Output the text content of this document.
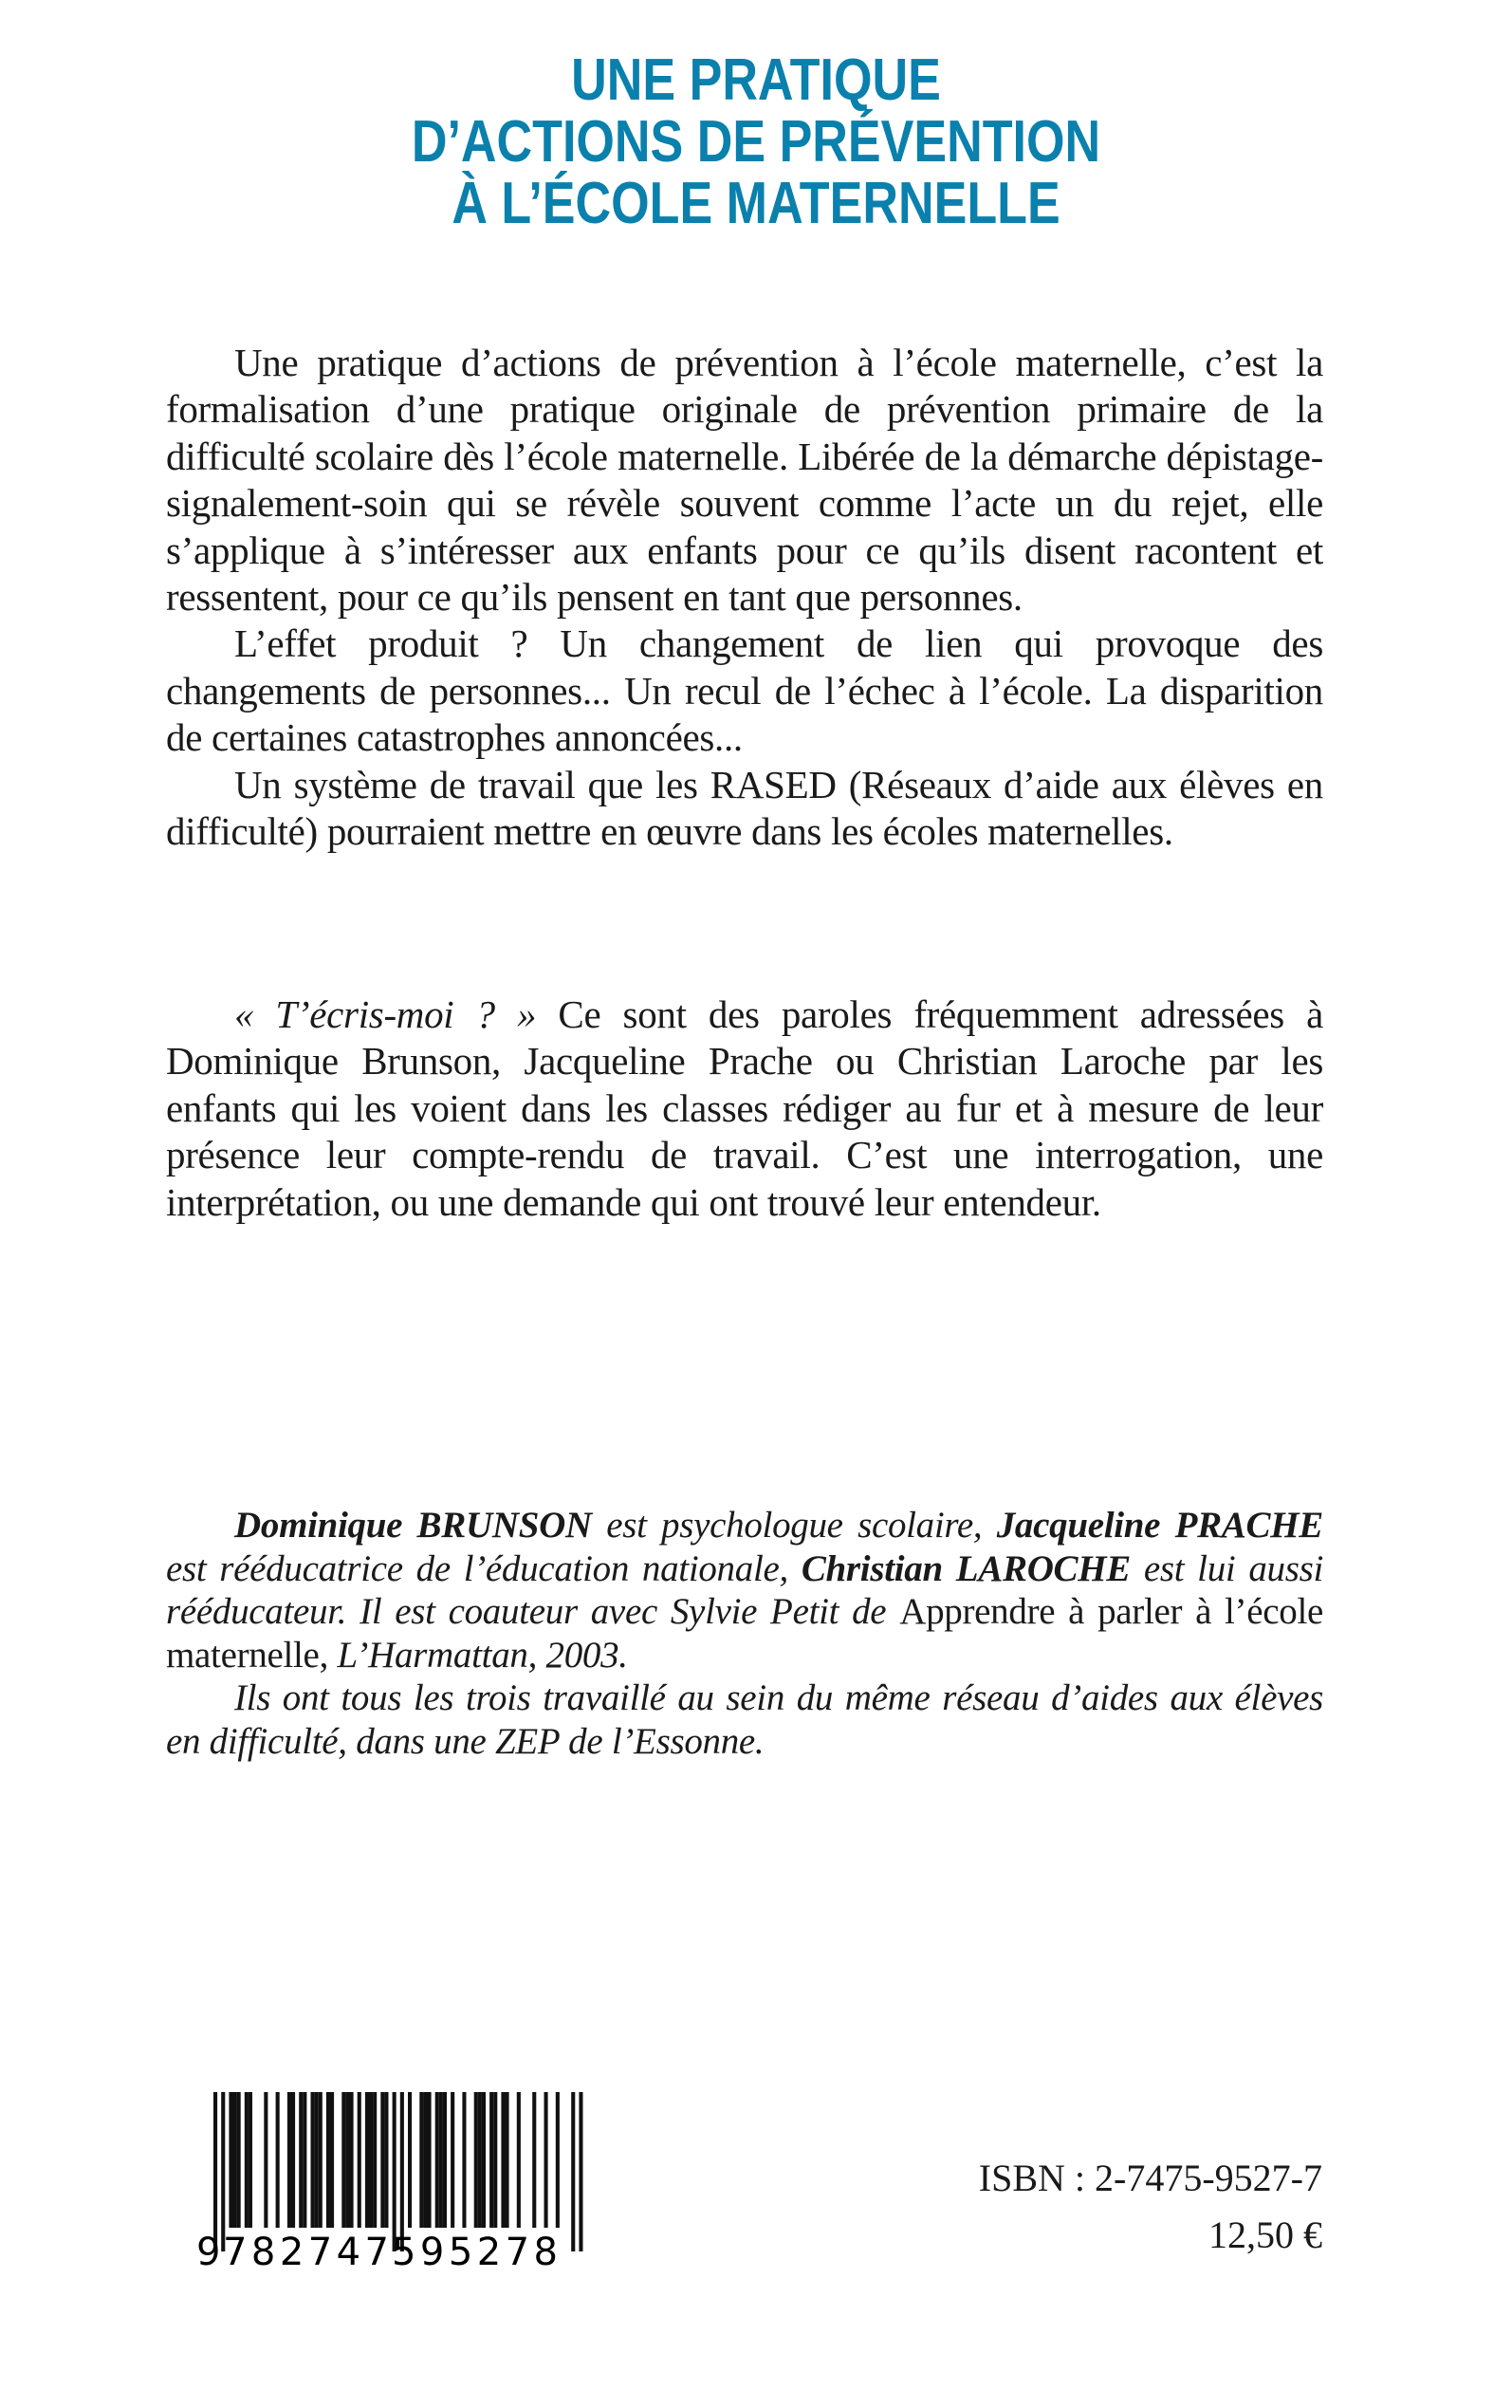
UNE PRATIQUE
D’ACTIONS DE PRÉVENTION
À L’ÉCOLE MATERNELLE

Une pratique d’actions de prévention à l’école maternelle, c’est la formalisation d’une pratique originale de prévention primaire de la difficulté scolaire dès l’école maternelle. Libérée de la démarche dépistage-signalement-soin qui se révèle souvent comme l’acte un du rejet, elle s’applique à s’intéresser aux enfants pour ce qu’ils disent racontent et ressentent, pour ce qu’ils pensent en tant que personnes.

L’effet produit ? Un changement de lien qui provoque des changements de personnes... Un recul de l’échec à l’école. La disparition de certaines catastrophes annoncées...

Un système de travail que les RASED (Réseaux d’aide aux élèves en difficulté) pourraient mettre en œuvre dans les écoles maternelles.

« T’écris-moi ? » Ce sont des paroles fréquemment adressées à Dominique Brunson, Jacqueline Prache ou Christian Laroche par les enfants qui les voient dans les classes rédiger au fur et à mesure de leur présence leur compte-rendu de travail. C’est une interrogation, une interprétation, ou une demande qui ont trouvé leur entendeur.

Dominique BRUNSON est psychologue scolaire, Jacqueline PRACHE est rééducatrice de l’éducation nationale, Christian LAROCHE est lui aussi rééducateur. Il est coauteur avec Sylvie Petit de Apprendre à parler à l’école maternelle, L’Harmattan, 2003.

Ils ont tous les trois travaillé au sein du même réseau d’aides aux élèves en difficulté, dans une ZEP de l’Essonne.

9 782747 595278
ISBN : 2-7475-9527-7
12,50 €
